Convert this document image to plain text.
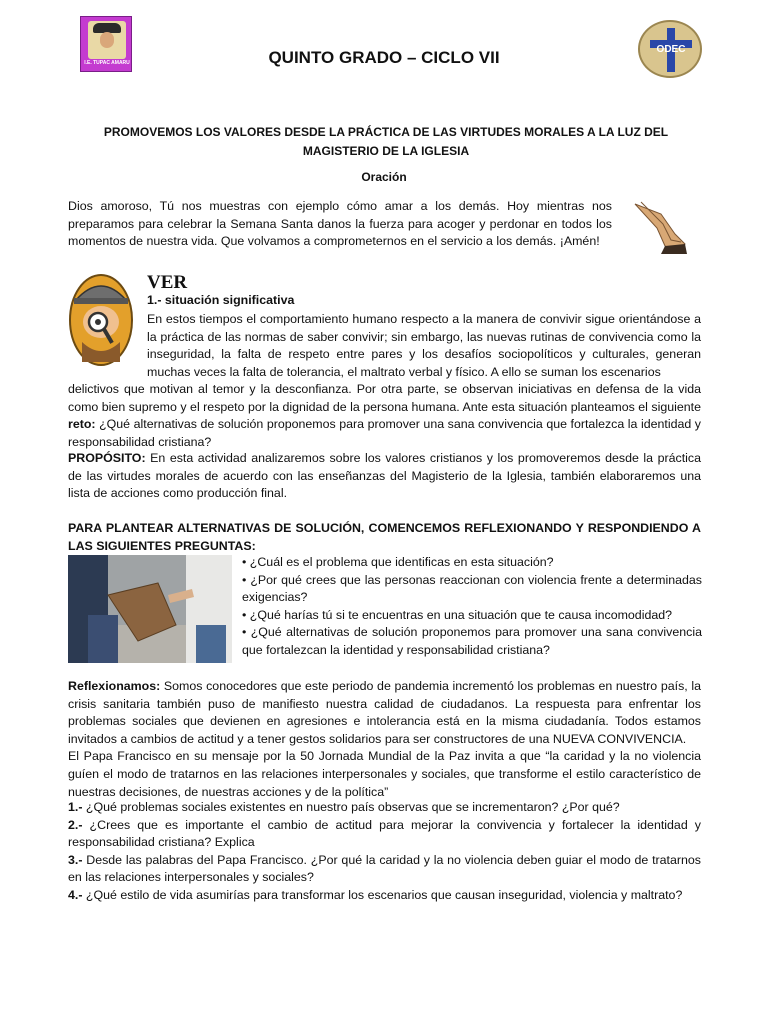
I.E. TUPAC AMARU
ODEC
QUINTO GRADO – CICLO VII
PROMOVEMOS LOS VALORES DESDE LA PRÁCTICA DE LAS VIRTUDES MORALES A LA LUZ DEL MAGISTERIO DE LA IGLESIA
Oración
Dios amoroso, Tú nos muestras con ejemplo cómo amar a los demás. Hoy mientras nos preparamos para celebrar la Semana Santa danos la fuerza para acoger y perdonar en todos los momentos de nuestra vida. Que volvamos a comprometernos en el servicio a los demás. ¡Amén!
VER
1.- situación significativa
En estos tiempos el comportamiento humano respecto a la manera de convivir sigue orientándose a la práctica de las normas de saber convivir; sin embargo, las nuevas rutinas de convivencia como la inseguridad, la falta de respeto entre pares y los desafíos sociopolíticos y culturales, generan muchas veces la falta de tolerancia, el maltrato verbal y físico. A ello se suman los escenarios
delictivos que motivan al temor y la desconfianza. Por otra parte, se observan iniciativas en defensa de la vida como bien supremo y el respeto por la dignidad de la persona humana. Ante esta situación planteamos el siguiente reto: ¿Qué alternativas de solución proponemos para promover una sana convivencia que fortalezca la identidad y responsabilidad cristiana?
PROPÓSITO: En esta actividad analizaremos sobre los valores cristianos y los promoveremos desde la práctica de las virtudes morales de acuerdo con las enseñanzas del Magisterio de la Iglesia, también elaboraremos una lista de acciones como producción final.
PARA PLANTEAR ALTERNATIVAS DE SOLUCIÓN, COMENCEMOS REFLEXIONANDO Y RESPONDIENDO A LAS SIGUIENTES PREGUNTAS:
• ¿Cuál es el problema que identificas en esta situación?
• ¿Por qué crees que las personas reaccionan con violencia frente a determinadas exigencias?
• ¿Qué harías tú si te encuentras en una situación que te causa incomodidad?
• ¿Qué alternativas de solución proponemos para promover una sana convivencia que fortalezcan la identidad y responsabilidad cristiana?
Reflexionamos: Somos conocedores que este periodo de pandemia incrementó los problemas en nuestro país, la crisis sanitaria también puso de manifiesto nuestra calidad de ciudadanos. La respuesta para enfrentar los problemas sociales que devienen en agresiones e intolerancia está en la misma ciudadanía. Todos estamos invitados a cambios de actitud y a tener gestos solidarios para ser constructores de una NUEVA CONVIVENCIA.
El Papa Francisco en su mensaje por la 50 Jornada Mundial de la Paz invita a que “la caridad y la no violencia guíen el modo de tratarnos en las relaciones interpersonales y sociales, que transforme el estilo característico de nuestras decisiones, de nuestras acciones y de la política”
1.- ¿Qué problemas sociales existentes en nuestro país observas que se incrementaron? ¿Por qué?
2.- ¿Crees que es importante el cambio de actitud para mejorar la convivencia y fortalecer la identidad y responsabilidad cristiana? Explica
3.- Desde las palabras del Papa Francisco. ¿Por qué la caridad y la no violencia deben guiar el modo de tratarnos en las relaciones interpersonales y sociales?
4.- ¿Qué estilo de vida asumirías para transformar los escenarios que causan inseguridad, violencia y maltrato?
